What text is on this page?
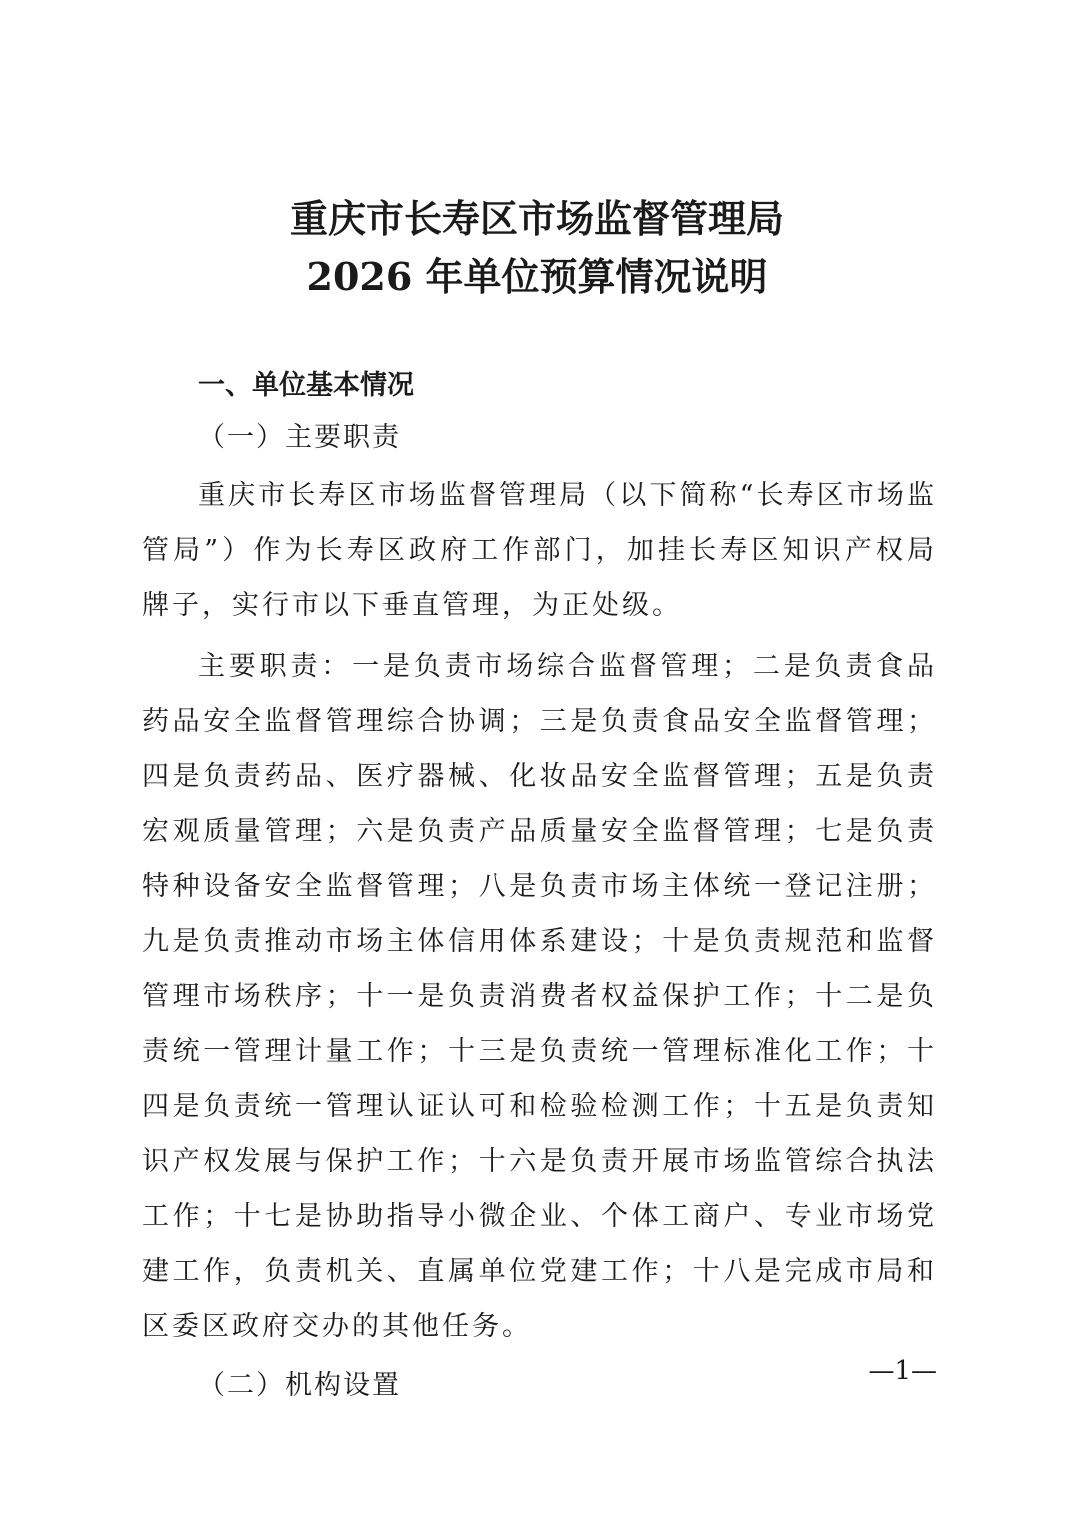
重庆市长寿区市场监督管理局
2026 年单位预算情况说明

一、单位基本情况

（一）主要职责

重庆市长寿区市场监督管理局（以下简称“长寿区市场监管局”）作为长寿区政府工作部门，加挂长寿区知识产权局牌子，实行市以下垂直管理，为正处级。

主要职责：一是负责市场综合监督管理；二是负责食品药品安全监督管理综合协调；三是负责食品安全监督管理；四是负责药品、医疗器械、化妆品安全监督管理；五是负责宏观质量管理；六是负责产品质量安全监督管理；七是负责特种设备安全监督管理；八是负责市场主体统一登记注册；九是负责推动市场主体信用体系建设；十是负责规范和监督管理市场秩序；十一是负责消费者权益保护工作；十二是负责统一管理计量工作；十三是负责统一管理标准化工作；十四是负责统一管理认证认可和检验检测工作；十五是负责知识产权发展与保护工作；十六是负责开展市场监管综合执法工作；十七是协助指导小微企业、个体工商户、专业市场党建工作，负责机关、直属单位党建工作；十八是完成市局和区委区政府交办的其他任务。

（二）机构设置	—1—
